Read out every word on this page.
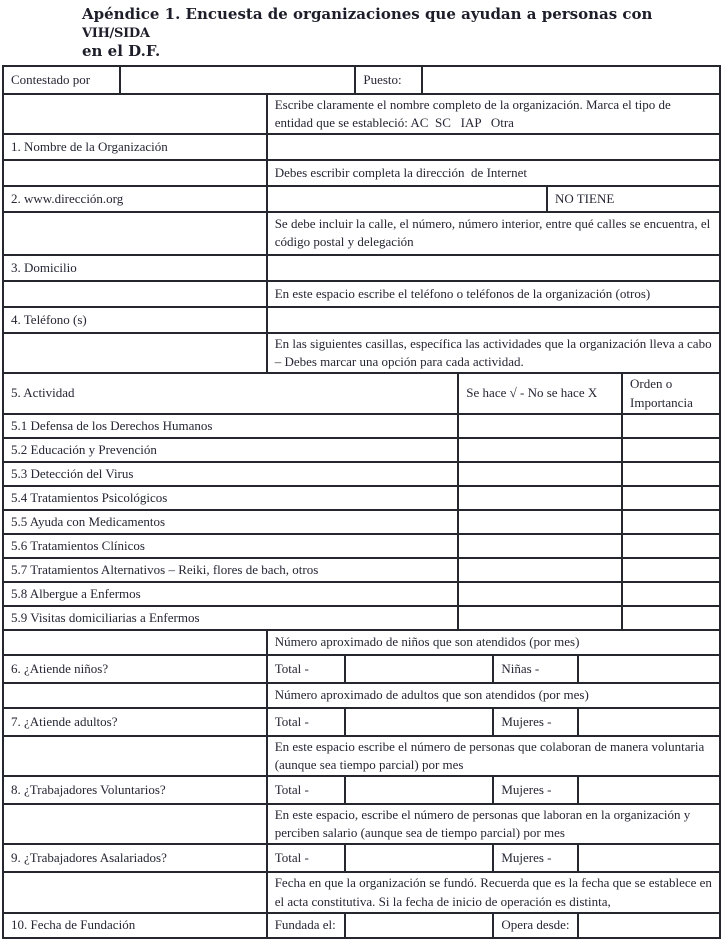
Apéndice 1. Encuesta de organizaciones que ayudan a personas con VIH/SIDA
en el D.F.
Contestado por	Puesto:
Escribe claramente el nombre completo de la organización. Marca el tipo de entidad que se estableció: AC  SC   IAP   Otra
1. Nombre de la Organización
Debes escribir completa la dirección  de Internet
2. www.dirección.org	NO TIENE
Se debe incluir la calle, el número, número interior, entre qué calles se encuentra, el código postal y delegación
3. Domicilio
En este espacio escribe el teléfono o teléfonos de la organización (otros)
4. Teléfono (s)
En las siguientes casillas, específica las actividades que la organización lleva a cabo – Debes marcar una opción para cada actividad.
5. Actividad	Se hace √ - No se hace X
Orden o Importancia
5.1 Defensa de los Derechos Humanos
5.2 Educación y Prevención
5.3 Detección del Virus
5.4 Tratamientos Psicológicos
5.5 Ayuda con Medicamentos
5.6 Tratamientos Clínicos
5.7 Tratamientos Alternativos – Reiki, flores de bach, otros
5.8 Albergue a Enfermos
5.9 Visitas domiciliarias a Enfermos
Número aproximado de niños que son atendidos (por mes)
6. ¿Atiende niños?	Total -	Niñas -
Número aproximado de adultos que son atendidos (por mes)
7. ¿Atiende adultos?	Total -	Mujeres -
En este espacio escribe el número de personas que colaboran de manera voluntaria (aunque sea tiempo parcial) por mes
8. ¿Trabajadores Voluntarios?	Total -	Mujeres -
En este espacio, escribe el número de personas que laboran en la organización y perciben salario (aunque sea de tiempo parcial) por mes
9. ¿Trabajadores Asalariados?	Total -	Mujeres -
Fecha en que la organización se fundó. Recuerda que es la fecha que se establece en el acta constitutiva. Si la fecha de inicio de operación es distinta,
10. Fecha de Fundación	Fundada el:	Opera desde:
